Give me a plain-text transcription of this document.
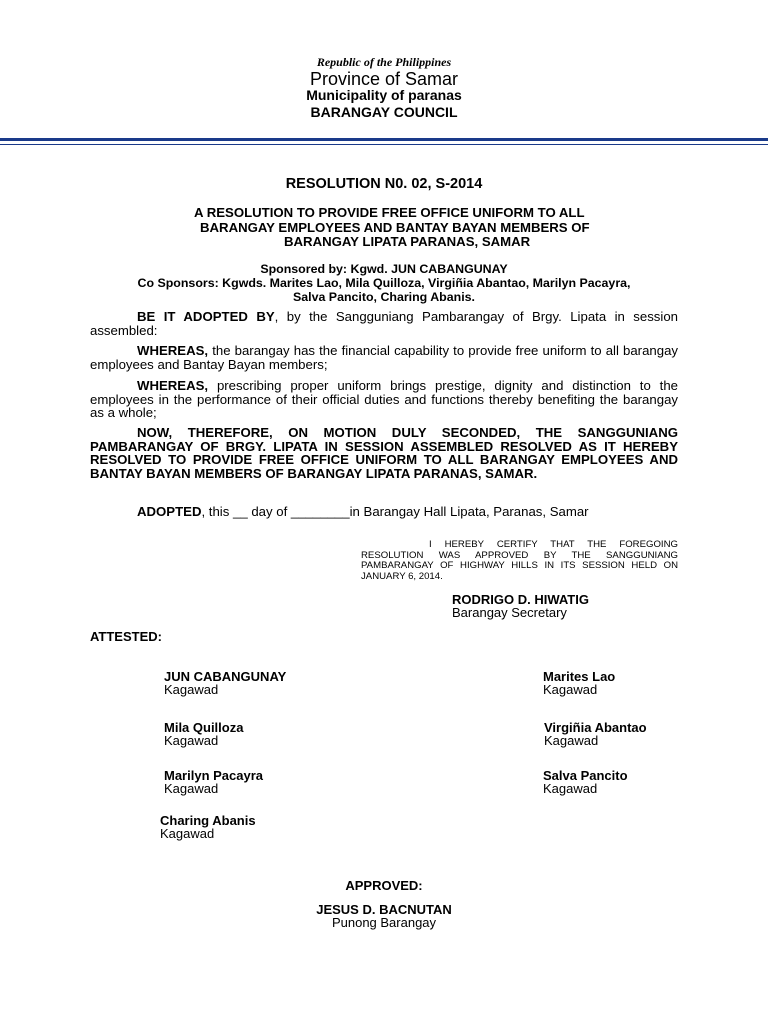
Republic of the Philippines
Province of Samar
Municipality of paranas
BARANGAY COUNCIL
RESOLUTION N0. 02, S-2014
A RESOLUTION TO PROVIDE FREE OFFICE UNIFORM TO ALL
BARANGAY EMPLOYEES AND BANTAY BAYAN MEMBERS OF
BARANGAY LIPATA PARANAS, SAMAR
Sponsored by: Kgwd. JUN CABANGUNAY
Co Sponsors: Kgwds. Marites Lao, Mila Quilloza, Virgiñia Abantao, Marilyn Pacayra,
Salva Pancito, Charing Abanis.
BE IT ADOPTED BY, by the Sangguniang Pambarangay of Brgy. Lipata in session assembled:
WHEREAS, the barangay has the financial capability to provide free uniform to all barangay employees and Bantay Bayan members;
WHEREAS, prescribing proper uniform brings prestige, dignity and distinction to the employees in the performance of their official duties and functions thereby benefiting the barangay as a whole;
NOW, THEREFORE, ON MOTION DULY SECONDED, THE SANGGUNIANG PAMBARANGAY OF BRGY. LIPATA IN SESSION ASSEMBLED RESOLVED AS IT HEREBY RESOLVED TO PROVIDE FREE OFFICE UNIFORM TO ALL BARANGAY EMPLOYEES AND BANTAY BAYAN MEMBERS OF BARANGAY LIPATA PARANAS, SAMAR.
ADOPTED, this __ day of ________in Barangay Hall Lipata, Paranas, Samar
I HEREBY CERTIFY THAT THE FOREGOING RESOLUTION WAS APPROVED BY THE SANGGUNIANG PAMBARANGAY OF HIGHWAY HILLS IN ITS SESSION HELD ON JANUARY 6, 2014.
RODRIGO D. HIWATIG
Barangay Secretary
ATTESTED:
JUN CABANGUNAY
Kagawad
Marites Lao
Kagawad
Mila Quilloza
Kagawad
Virgiñia Abantao
Kagawad
Marilyn Pacayra
Kagawad
Salva Pancito
Kagawad
Charing Abanis
Kagawad
APPROVED:
JESUS D. BACNUTAN
Punong Barangay
